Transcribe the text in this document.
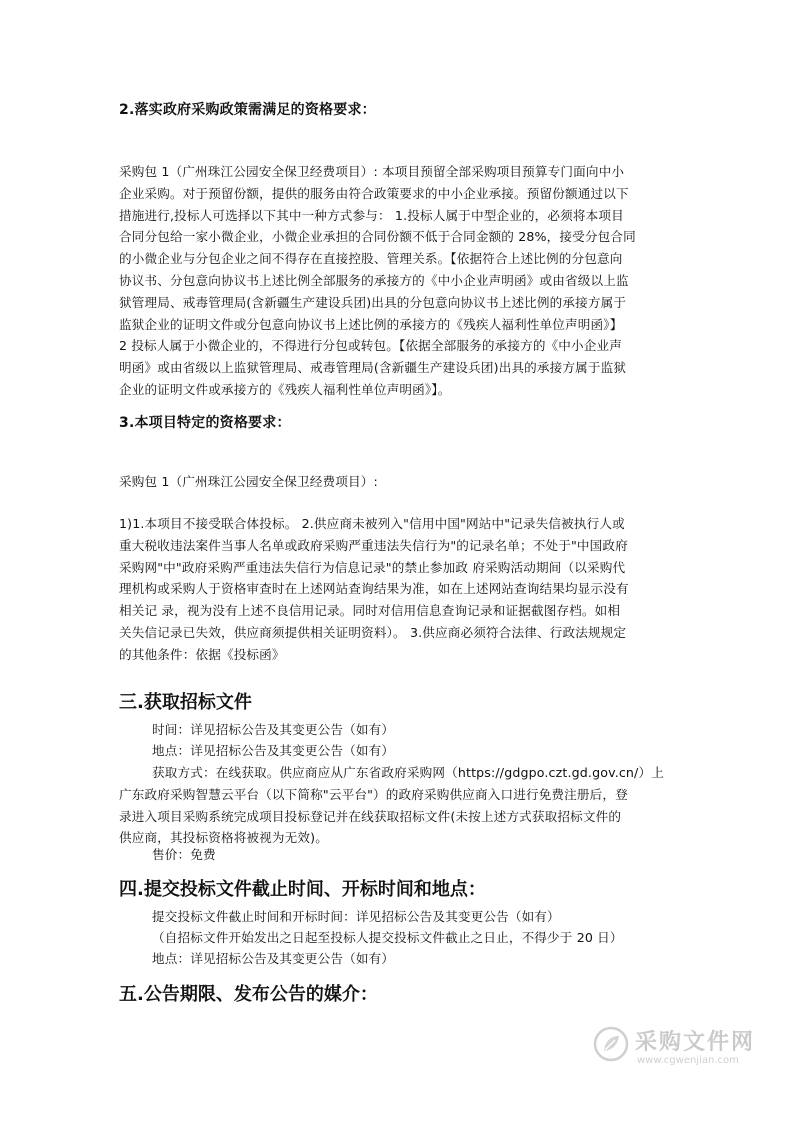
2.落实政府采购政策需满足的资格要求：
采购包 1（广州珠江公园安全保卫经费项目）: 本项目预留全部采购项目预算专门面向中小
企业采购。对于预留份额，提供的服务由符合政策要求的中小企业承接。预留份额通过以下
措施进行,投标人可选择以下其中一种方式参与： 1.投标人属于中型企业的，必须将本项目
合同分包给一家小微企业，小微企业承担的合同份额不低于合同金额的 28%，接受分包合同
的小微企业与分包企业之间不得存在直接控股、管理关系。【依据符合上述比例的分包意向
协议书、分包意向协议书上述比例全部服务的承接方的《中小企业声明函》或由省级以上监
狱管理局、戒毒管理局(含新疆生产建设兵团)出具的分包意向协议书上述比例的承接方属于
监狱企业的证明文件或分包意向协议书上述比例的承接方的《残疾人福利性单位声明函》】
2 投标人属于小微企业的，不得进行分包或转包。【依据全部服务的承接方的《中小企业声
明函》或由省级以上监狱管理局、戒毒管理局(含新疆生产建设兵团)出具的承接方属于监狱
企业的证明文件或承接方的《残疾人福利性单位声明函》】。
3.本项目特定的资格要求：
采购包 1（广州珠江公园安全保卫经费项目）:
1)1.本项目不接受联合体投标。 2.供应商未被列入"信用中国"网站中"记录失信被执行人或
重大税收违法案件当事人名单或政府采购严重违法失信行为"的记录名单；不处于"中国政府
采购网"中"政府采购严重违法失信行为信息记录"的禁止参加政 府采购活动期间（以采购代
理机构或采购人于资格审查时在上述网站查询结果为准，如在上述网站查询结果均显示没有
相关记 录，视为没有上述不良信用记录。同时对信用信息查询记录和证据截图存档。如相
关失信记录已失效，供应商须提供相关证明资料）。 3.供应商必须符合法律、行政法规规定
的其他条件：依据《投标函》
三.获取招标文件
时间：详见招标公告及其变更公告（如有）
地点：详见招标公告及其变更公告（如有）
获取方式：在线获取。供应商应从广东省政府采购网（https://gdgpo.czt.gd.gov.cn/）上
广东政府采购智慧云平台（以下简称"云平台"）的政府采购供应商入口进行免费注册后，登
录进入项目采购系统完成项目投标登记并在线获取招标文件(未按上述方式获取招标文件的
供应商，其投标资格将被视为无效)。
售价：免费
四.提交投标文件截止时间、开标时间和地点：
提交投标文件截止时间和开标时间：详见招标公告及其变更公告（如有）
（自招标文件开始发出之日起至投标人提交投标文件截止之日止，不得少于 20 日）
地点：详见招标公告及其变更公告（如有）
五.公告期限、发布公告的媒介：
采购文件网
www.cgwenjian.com
